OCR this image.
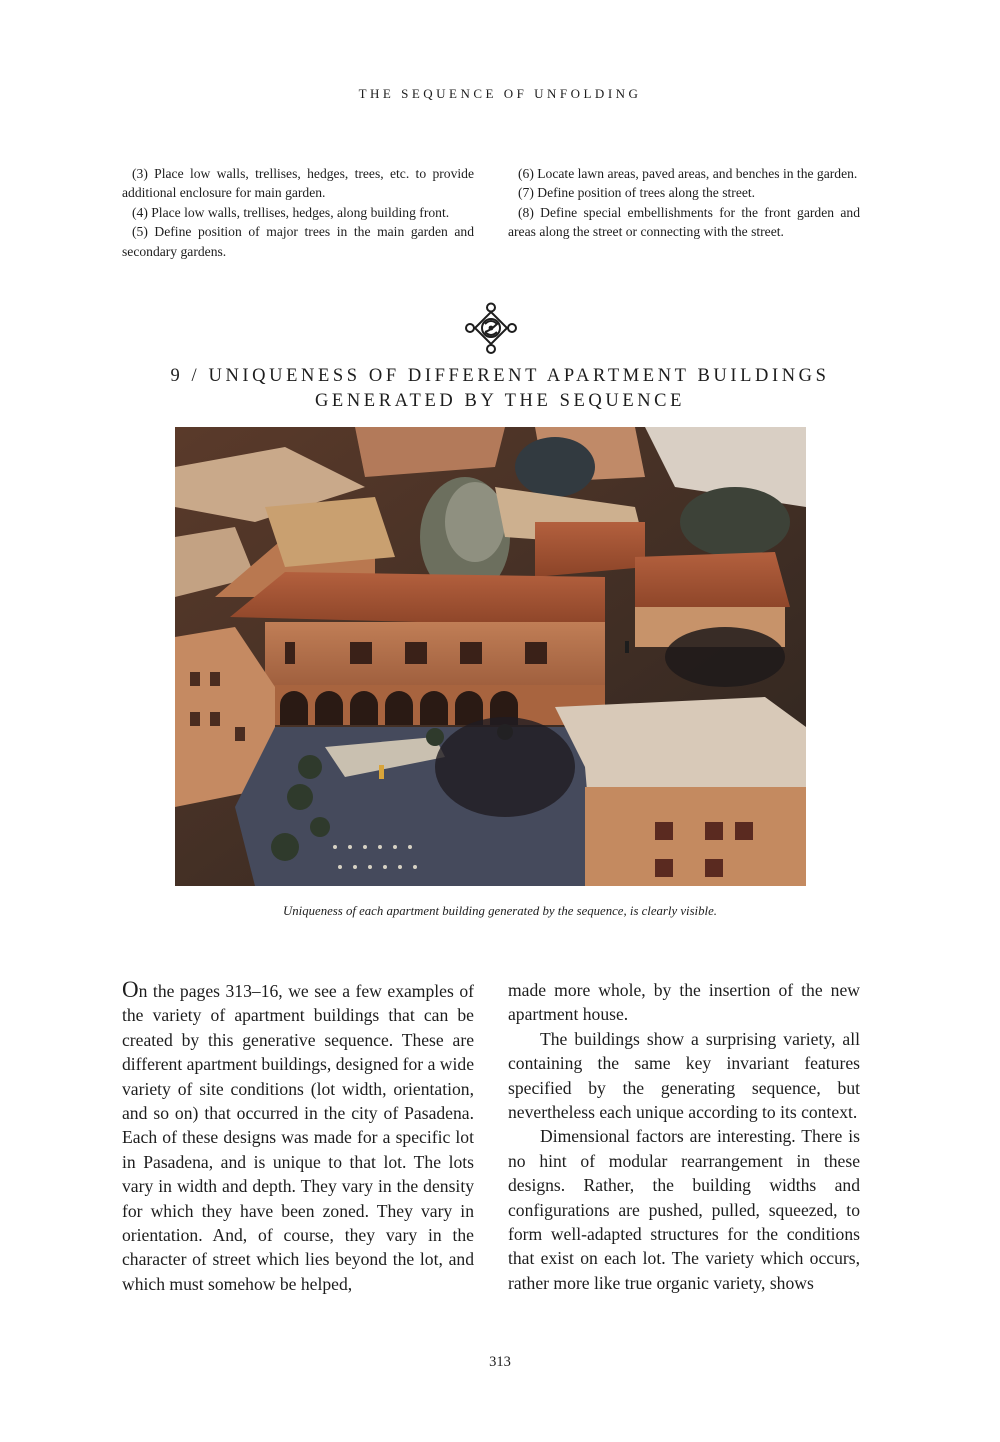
THE SEQUENCE OF UNFOLDING

(3) Place low walls, trellises, hedges, trees, etc. to provide additional enclosure for main garden.

(4) Place low walls, trellises, hedges, along building front.

(5) Define position of major trees in the main garden and secondary gardens.

(6) Locate lawn areas, paved areas, and benches in the garden.

(7) Define position of trees along the street.

(8) Define special embellishments for the front garden and areas along the street or connecting with the street.

9 / UNIQUENESS OF DIFFERENT APARTMENT BUILDINGS
GENERATED BY THE SEQUENCE
Uniqueness of each apartment building generated by the sequence, is clearly visible.

On the pages 313–16, we see a few examples of the variety of apartment buildings that can be created by this generative sequence. These are different apartment buildings, designed for a wide variety of site conditions (lot width, orientation, and so on) that occurred in the city of Pasadena. Each of these designs was made for a specific lot in Pasadena, and is unique to that lot. The lots vary in width and depth. They vary in the density for which they have been zoned. They vary in orientation. And, of course, they vary in the character of street which lies beyond the lot, and which must somehow be helped,

made more whole, by the insertion of the new apartment house.

The buildings show a surprising variety, all containing the same key invariant features specified by the generating sequence, but nevertheless each unique according to its context.

Dimensional factors are interesting. There is no hint of modular rearrangement in these designs. Rather, the building widths and configurations are pushed, pulled, squeezed, to form well-adapted structures for the conditions that exist on each lot. The variety which occurs, rather more like true organic variety, shows

313
